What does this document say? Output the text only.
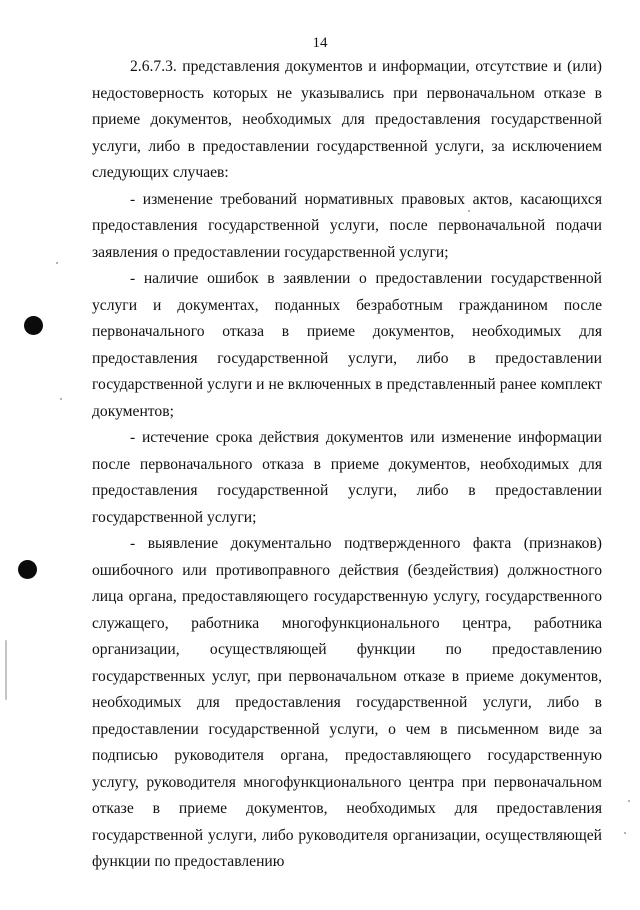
14

2.6.7.3. представления документов и информации, отсутствие и (или) недостоверность которых не указывались при первоначальном отказе в приеме документов, необходимых для предоставления государственной услуги, либо в предоставлении государственной услуги, за исключением следующих случаев:

- изменение требований нормативных правовых актов, касающихся предоставления государственной услуги, после первоначальной подачи заявления о предоставлении государственной услуги;

- наличие ошибок в заявлении о предоставлении государственной услуги и документах, поданных безработным гражданином после первоначального отказа в приеме документов, необходимых для предоставления государственной услуги, либо в предоставлении государственной услуги и не включенных в представленный ранее комплект документов;

- истечение срока действия документов или изменение информации после первоначального отказа в приеме документов, необходимых для предоставления государственной услуги, либо в предоставлении государственной услуги;

- выявление документально подтвержденного факта (признаков) ошибочного или противоправного действия (бездействия) должностного лица органа, предоставляющего государственную услугу, государственного служащего, работника многофункционального центра, работника организации, осуществляющей функции по предоставлению государственных услуг, при первоначальном отказе в приеме документов, необходимых для предоставления государственной услуги, либо в предоставлении государственной услуги, о чем в письменном виде за подписью руководителя органа, предоставляющего государственную услугу, руководителя многофункционального центра при первоначальном отказе в приеме документов, необходимых для предоставления государственной услуги, либо руководителя организации, осуществляющей функции по предоставлению
